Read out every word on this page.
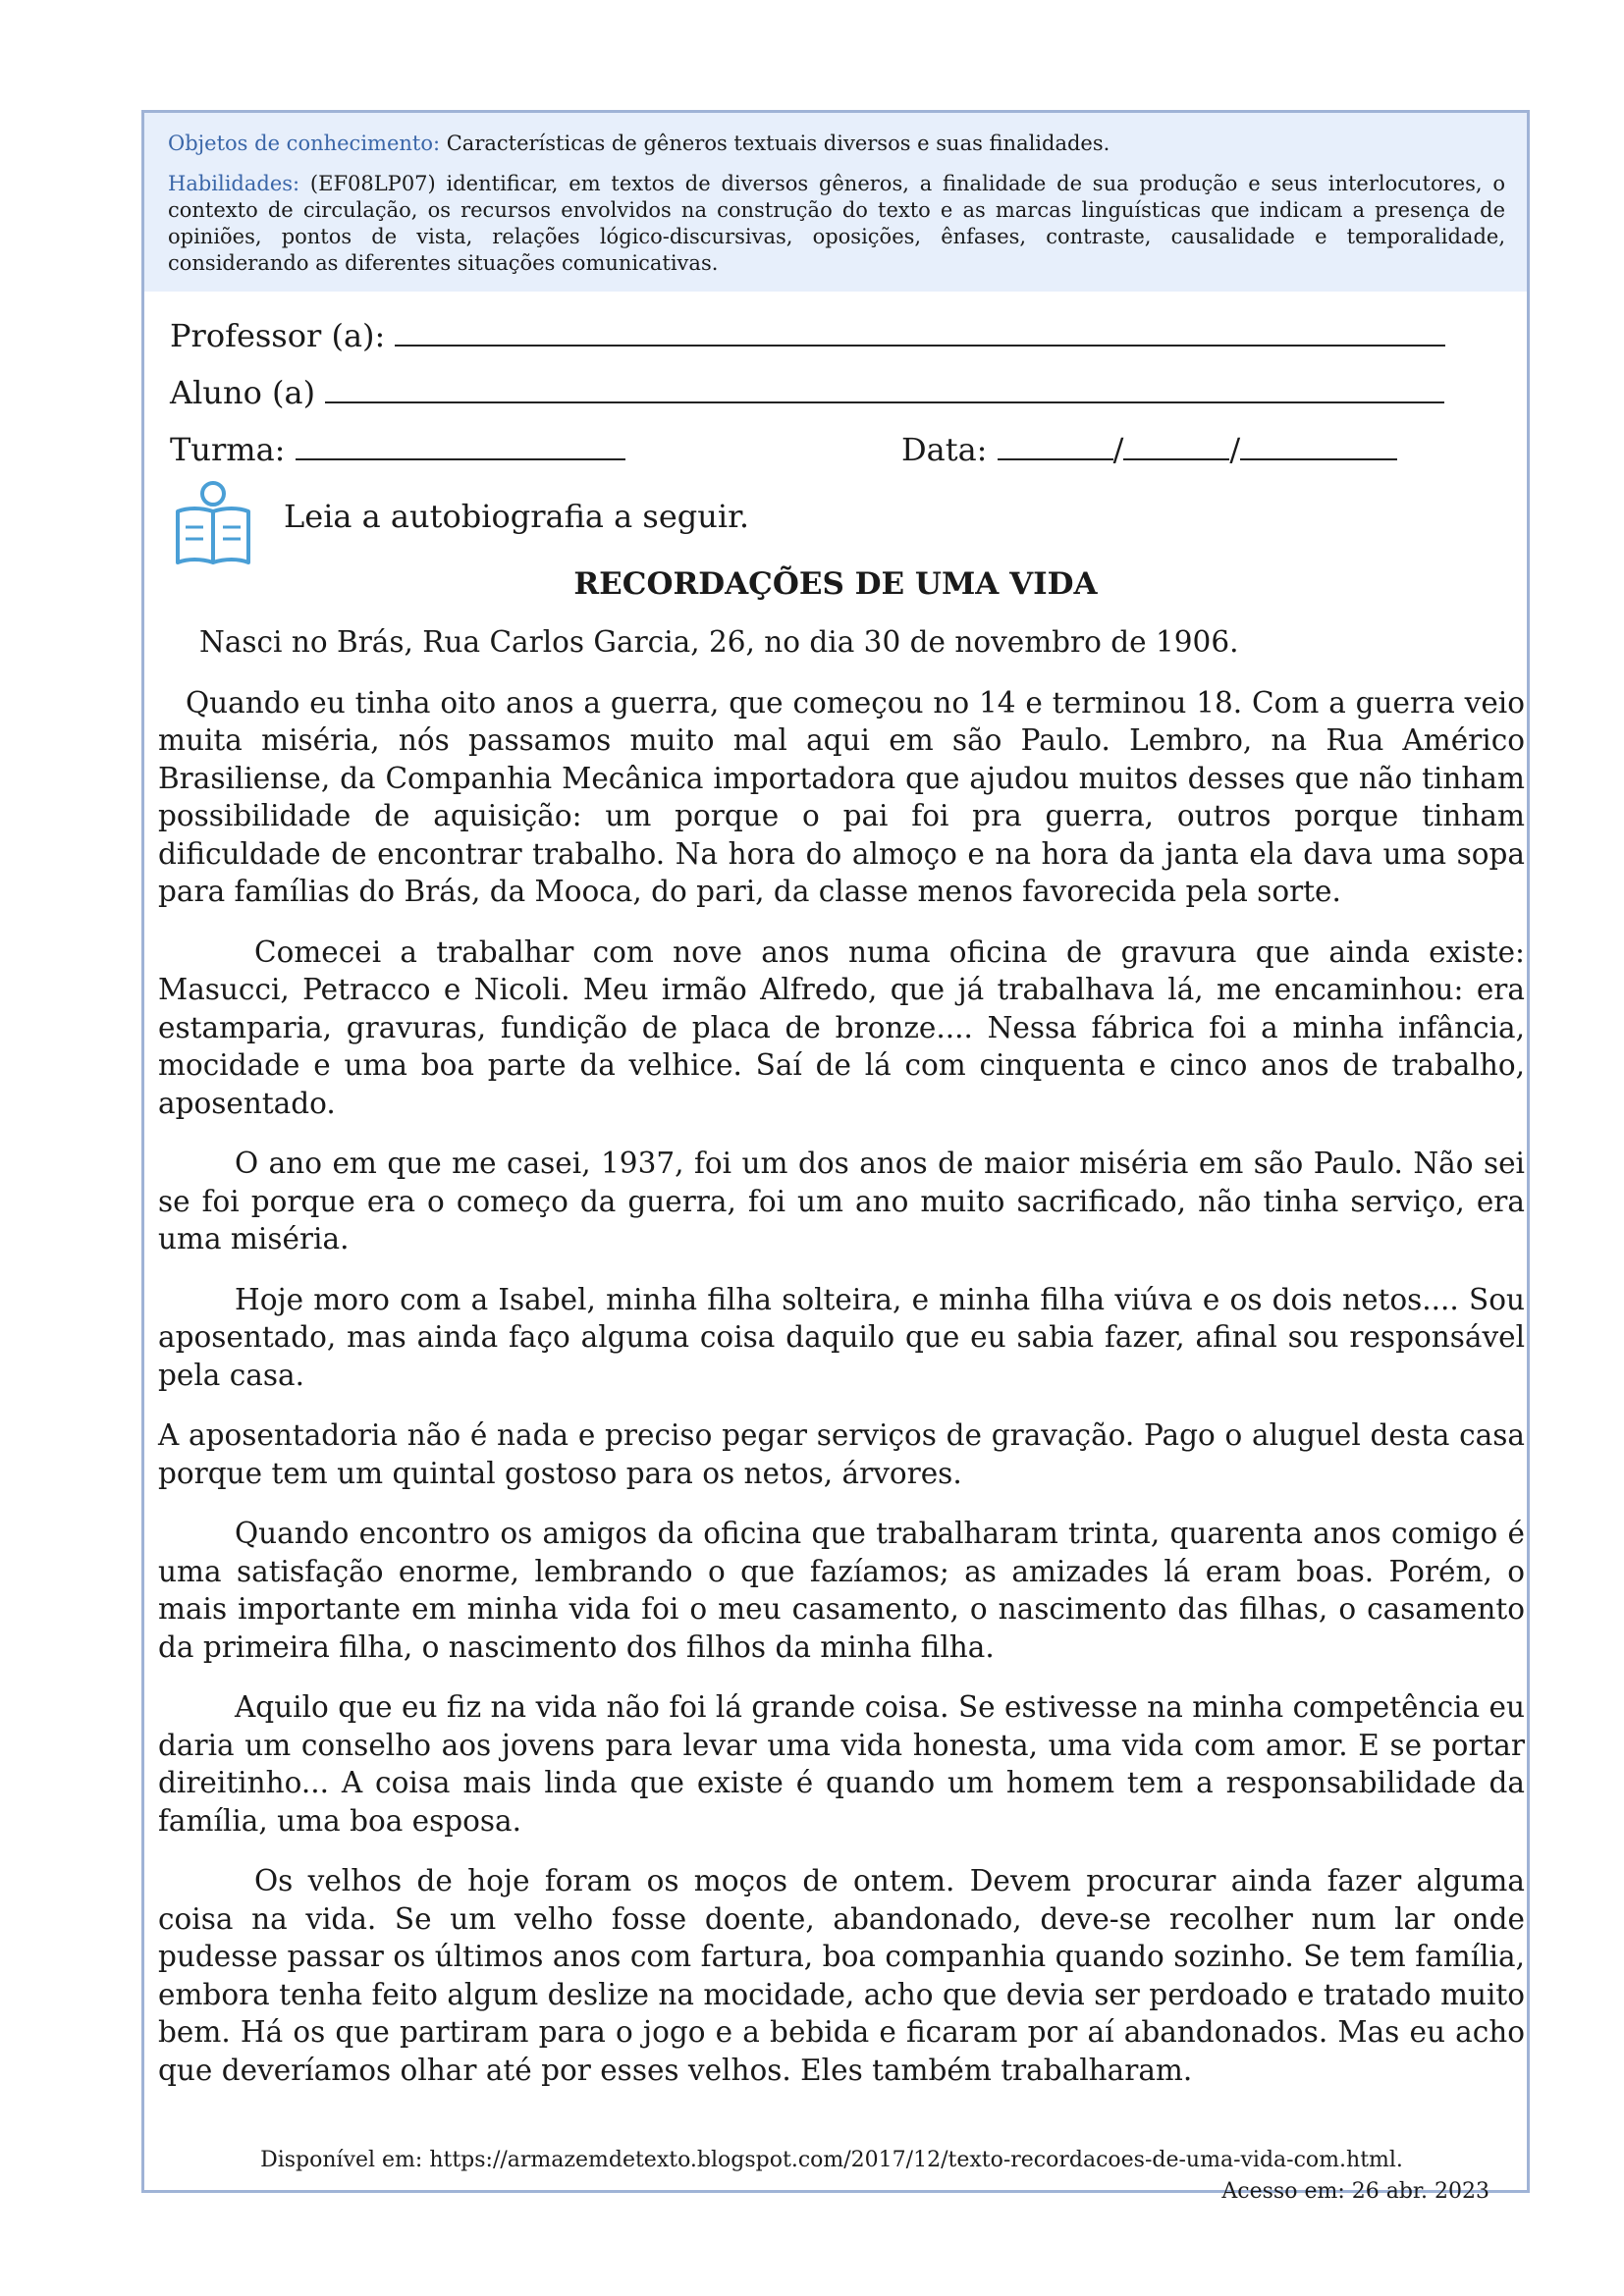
Objetos de conhecimento: Características de gêneros textuais diversos e suas finalidades.

Habilidades: (EF08LP07) identificar, em textos de diversos gêneros, a finalidade de sua produção e seus interlocutores, o contexto de circulação, os recursos envolvidos na construção do texto e as marcas linguísticas que indicam a presença de opiniões, pontos de vista, relações lógico-discursivas, oposições, ênfases, contraste, causalidade e temporalidade, considerando as diferentes situações comunicativas.

Professor (a):
Aluno (a)
Turma:	Data:	/	/
Leia a autobiografia a seguir.
RECORDAÇÕES DE UMA VIDA

Nasci no Brás, Rua Carlos Garcia, 26, no dia 30 de novembro de 1906.

Quando eu tinha oito anos a guerra, que começou no 14 e terminou 18. Com a guerra veio muita miséria, nós passamos muito mal aqui em são Paulo. Lembro, na Rua Américo Brasiliense, da Companhia Mecânica importadora que ajudou muitos desses que não tinham possibilidade de aquisição: um porque o pai foi pra guerra, outros porque tinham dificuldade de encontrar trabalho. Na hora do almoço e na hora da janta ela dava uma sopa para famílias do Brás, da Mooca, do pari, da classe menos favorecida pela sorte.

Comecei a trabalhar com nove anos numa oficina de gravura que ainda existe: Masucci, Petracco e Nicoli. Meu irmão Alfredo, que já trabalhava lá, me encaminhou: era estamparia, gravuras, fundição de placa de bronze.... Nessa fábrica foi a minha infância, mocidade e uma boa parte da velhice. Saí de lá com cinquenta e cinco anos de trabalho, aposentado.

O ano em que me casei, 1937, foi um dos anos de maior miséria em são Paulo. Não sei se foi porque era o começo da guerra, foi um ano muito sacrificado, não tinha serviço, era uma miséria.

Hoje moro com a Isabel, minha filha solteira, e minha filha viúva e os dois netos.... Sou aposentado, mas ainda faço alguma coisa daquilo que eu sabia fazer, afinal sou responsável pela casa.

A aposentadoria não é nada e preciso pegar serviços de gravação. Pago o aluguel desta casa porque tem um quintal gostoso para os netos, árvores.

Quando encontro os amigos da oficina que trabalharam trinta, quarenta anos comigo é uma satisfação enorme, lembrando o que fazíamos; as amizades lá eram boas. Porém, o mais importante em minha vida foi o meu casamento, o nascimento das filhas, o casamento da primeira filha, o nascimento dos filhos da minha filha.

Aquilo que eu fiz na vida não foi lá grande coisa. Se estivesse na minha competência eu daria um conselho aos jovens para levar uma vida honesta, uma vida com amor. E se portar direitinho... A coisa mais linda que existe é quando um homem tem a responsabilidade da família, uma boa esposa.

Os velhos de hoje foram os moços de ontem. Devem procurar ainda fazer alguma coisa na vida. Se um velho fosse doente, abandonado, deve-se recolher num lar onde pudesse passar os últimos anos com fartura, boa companhia quando sozinho. Se tem família, embora tenha feito algum deslize na mocidade, acho que devia ser perdoado e tratado muito bem. Há os que partiram para o jogo e a bebida e ficaram por aí abandonados. Mas eu acho que deveríamos olhar até por esses velhos. Eles também trabalharam.

Disponível em: https://armazemdetexto.blogspot.com/2017/12/texto-recordacoes-de-uma-vida-com.html.
Acesso em: 26 abr. 2023
